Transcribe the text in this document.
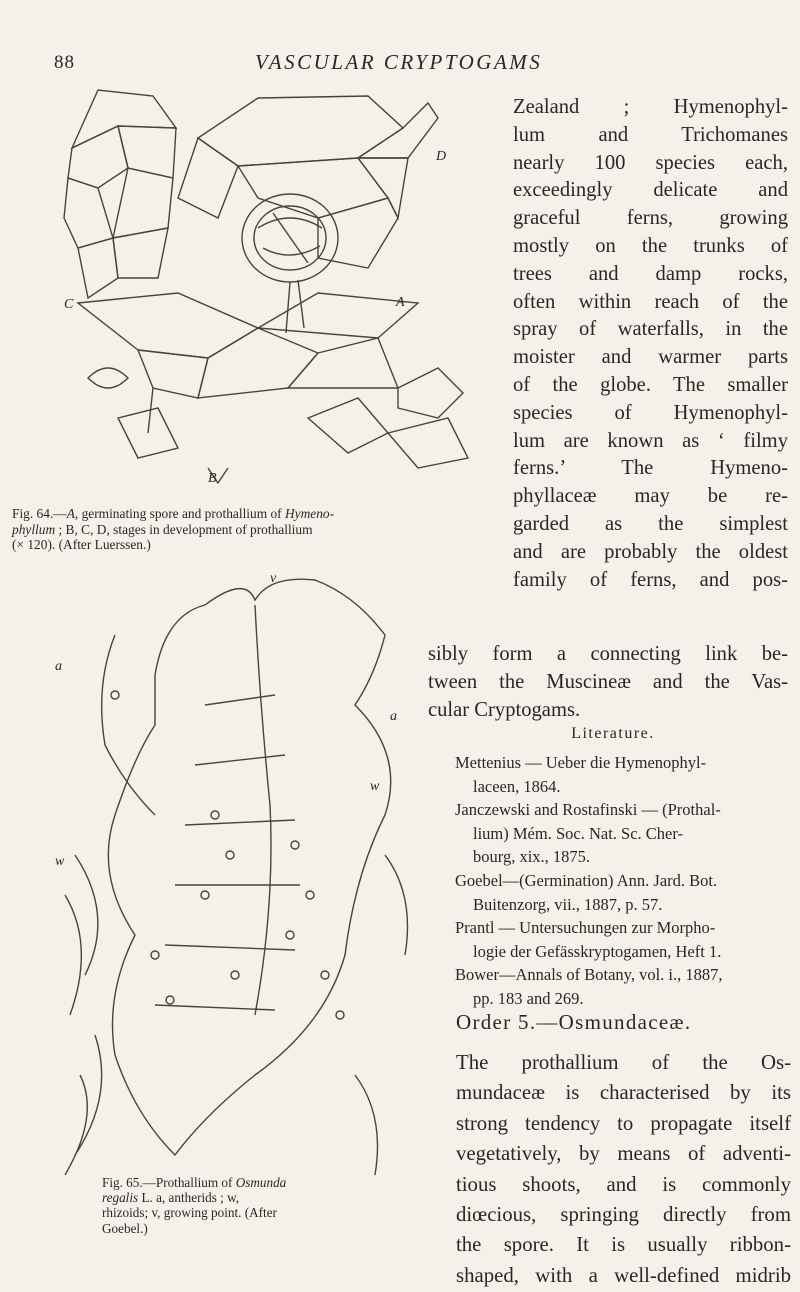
88	VASCULAR CRYPTOGAMS
C
D
A
B
Fig. 64.—A, germinating spore and prothallium of Hymeno-
phyllum ; B, C, D, stages in development of prothallium
(× 120). (After Luerssen.)
v
a
a
w
w
Fig. 65.—Prothallium of Osmunda
regalis L. a, antherids ; w,
rhizoids; v, growing point. (After
Goebel.)
Zealand ; Hymenophyl-
lum and Trichomanes
nearly 100 species each,
exceedingly delicate and
graceful ferns, growing
mostly on the trunks of
trees and damp rocks,
often within reach of the
spray of waterfalls, in the
moister and warmer parts
of the globe. The smaller
species of Hymenophyl-
lum are known as ‘ filmy
ferns.’ The Hymeno-
phyllaceæ may be re-
garded as the simplest
and are probably the oldest
family of ferns, and pos-
sibly form a connecting link be-
tween the Muscineæ and the Vas-
cular Cryptogams.
Literature.
Mettenius — Ueber die Hymenophyl-
laceen, 1864.
Janczewski and Rostafinski — (Prothal-
lium) Mém. Soc. Nat. Sc. Cher-
bourg, xix., 1875.
Goebel—(Germination) Ann. Jard. Bot.
Buitenzorg, vii., 1887, p. 57.
Prantl — Untersuchungen zur Morpho-
logie der Gefässkryptogamen, Heft 1.
Bower—Annals of Botany, vol. i., 1887,
pp. 183 and 269.
Order 5.—Osmundaceæ.
The prothallium of the Os-
mundaceæ is characterised by its
strong tendency to propagate itself
vegetatively, by means of adventi-
tious shoots, and is commonly
diœcious, springing directly from
the spore. It is usually ribbon-
shaped, with a well-defined midrib
